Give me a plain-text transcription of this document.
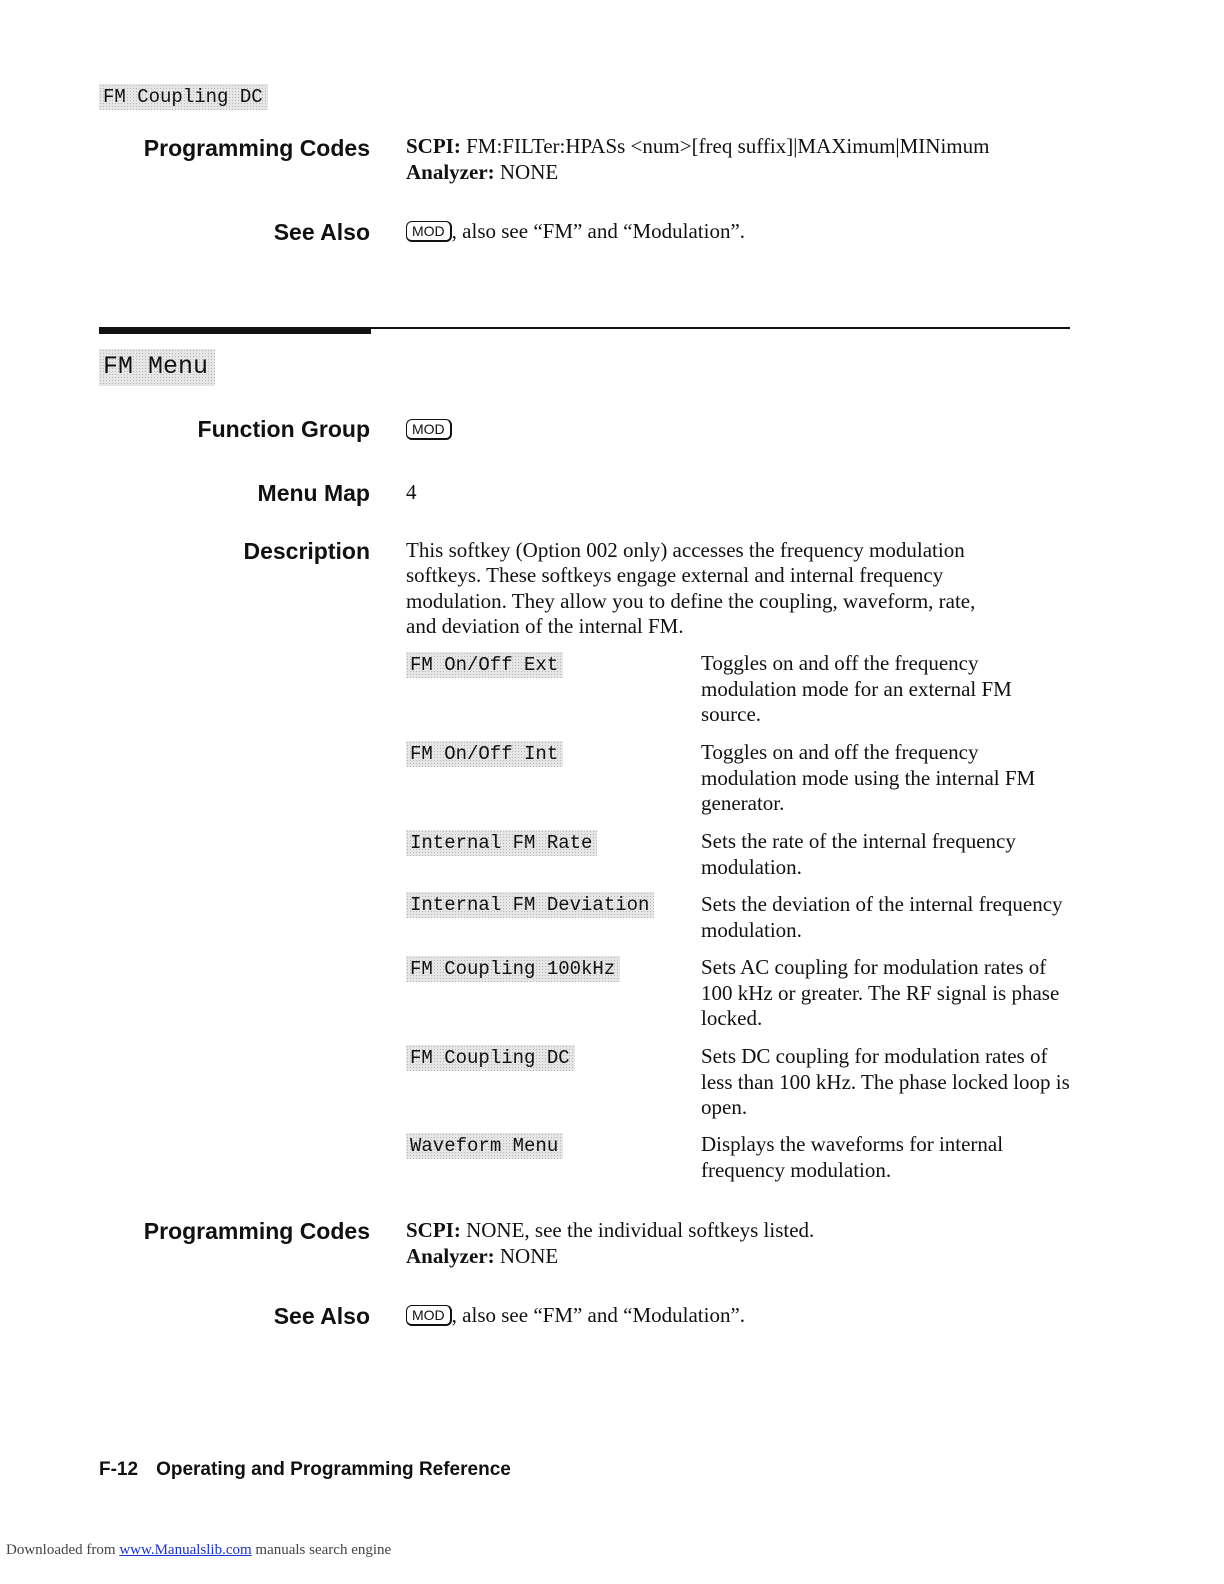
FM Coupling DC
Programming Codes SCPI: FM:FILTer:HPASs <num>[freq suffix]|MAXimum|MINimum
Analyzer: NONE
See Also	MOD , also see “FM” and “Modulation”.
FM Menu
Function Group	MOD
Menu Map 4
Description This softkey (Option 002 only) accesses the frequency modulation
softkeys. These softkeys engage external and internal frequency
modulation. They allow you to define the coupling, waveform, rate,
and deviation of the internal FM.
FM On/Off Ext	Toggles on and off the frequency modulation mode for an external FM source.
FM On/Off Int	Toggles on and off the frequency modulation mode using the internal FM generator.
Internal FM Rate	Sets the rate of the internal frequency modulation.
Internal FM Deviation Sets the deviation of the internal frequency modulation.
FM Coupling 100kHz	Sets AC coupling for modulation rates of 100 kHz or greater. The RF signal is phase locked.
FM Coupling DC	Sets DC coupling for modulation rates of less than 100 kHz. The phase locked loop is open.
Waveform Menu	Displays the waveforms for internal frequency modulation.
Programming Codes SCPI: NONE, see the individual softkeys listed.
Analyzer: NONE
See Also	MOD , also see “FM” and “Modulation”.
F-12 Operating and Programming Reference
Downloaded from www.Manualslib.com manuals search engine
